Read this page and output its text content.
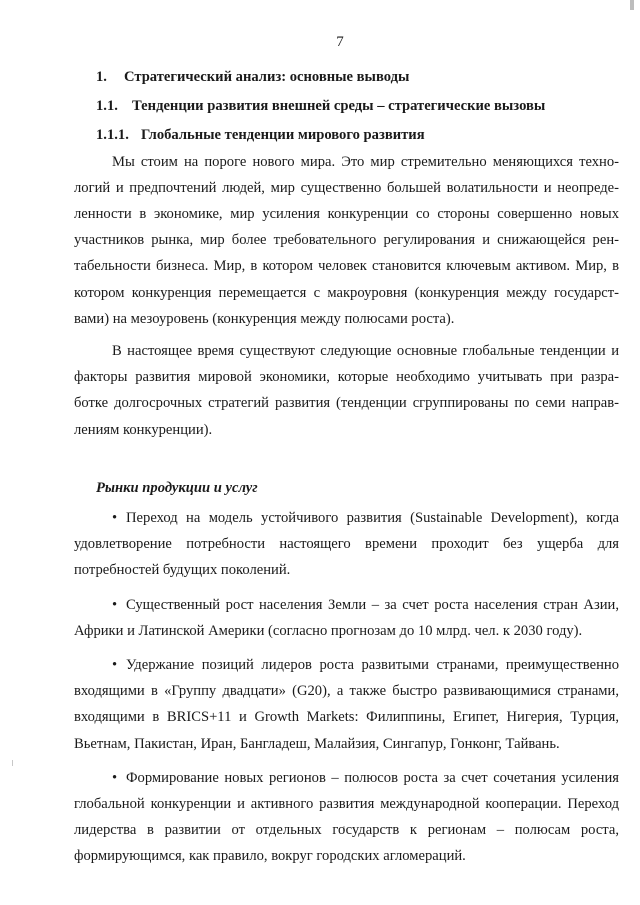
7

1. Стратегический анализ: основные выводы

1.1. Тенденции развития внешней среды – стратегические вызовы

1.1.1. Глобальные тенденции мирового развития

Мы стоим на пороге нового мира. Это мир стремительно меняющихся техно-логий и предпочтений людей, мир существенно большей волатильности и неопреде-ленности в экономике, мир усиления конкуренции со стороны совершенно новых участников рынка, мир более требовательного регулирования и снижающейся рен-табельности бизнеса. Мир, в котором человек становится ключевым активом. Мир, в котором конкуренция перемещается с макроуровня (конкуренция между государст-вами) на мезоуровень (конкуренция между полюсами роста).

В настоящее время существуют следующие основные глобальные тенденции и факторы развития мировой экономики, которые необходимо учитывать при разра-ботке долгосрочных стратегий развития (тенденции сгруппированы по семи направ-лениям конкуренции).

Рынки продукции и услуг

• Переход на модель устойчивого развития (Sustainable Development), когда удовлетворение потребности настоящего времени проходит без ущерба для потребностей будущих поколений.

• Существенный рост населения Земли – за счет роста населения стран Азии, Африки и Латинской Америки (согласно прогнозам до 10 млрд. чел. к 2030 году).

• Удержание позиций лидеров роста развитыми странами, преимущественно входящими в «Группу двадцати» (G20), а также быстро развивающимися странами, входящими в BRICS+11 и Growth Markets: Филиппины, Египет, Нигерия, Турция, Вьетнам, Пакистан, Иран, Бангладеш, Малайзия, Сингапур, Гонконг, Тайвань.

• Формирование новых регионов – полюсов роста за счет сочетания усиления глобальной конкуренции и активного развития международной кооперации. Переход лидерства в развитии от отдельных государств к регионам – полюсам роста, формирующимся, как правило, вокруг городских агломераций.
